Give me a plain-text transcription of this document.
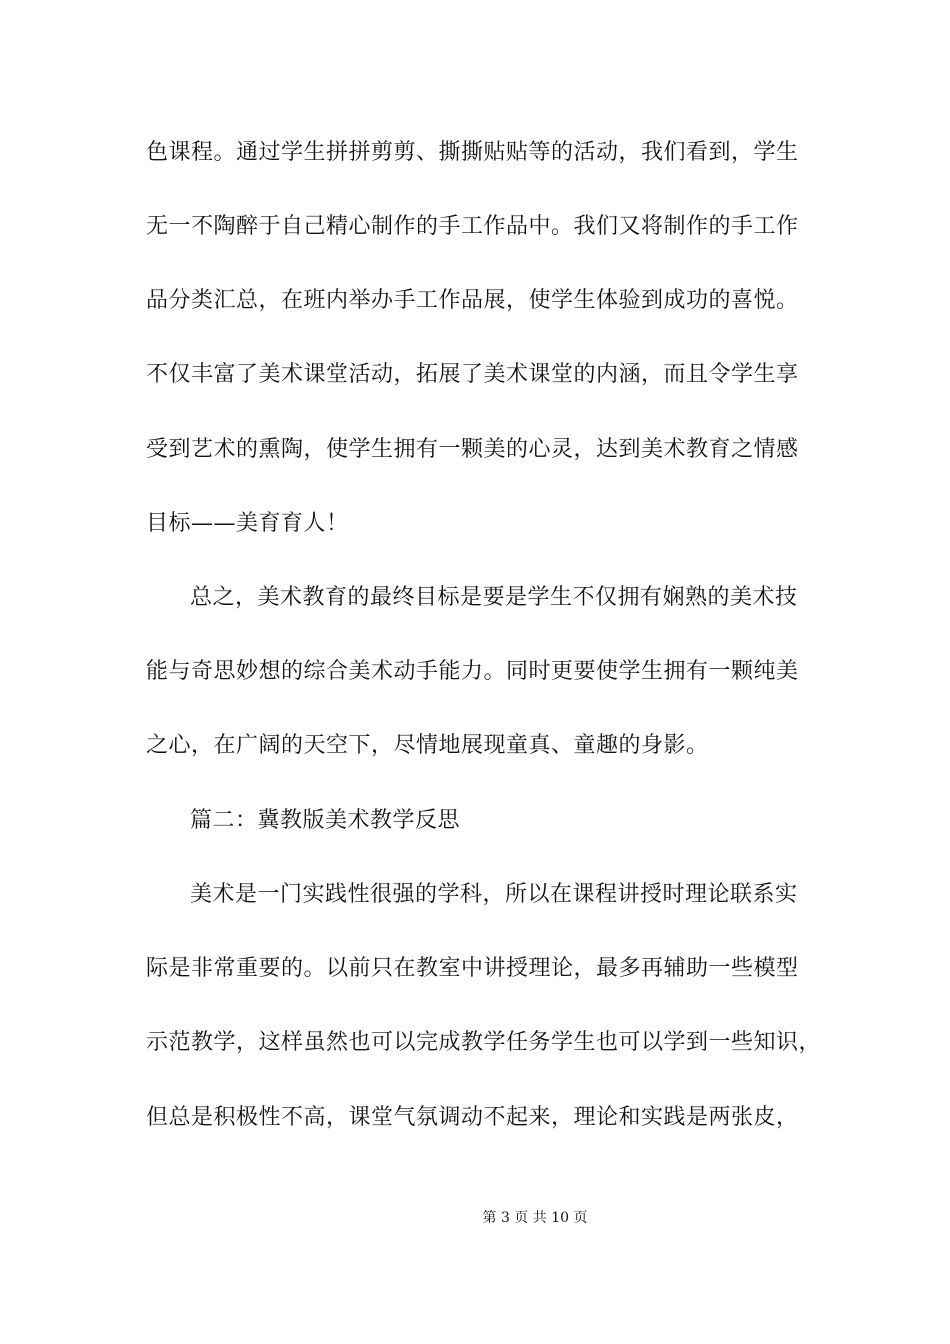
色课程。通过学生拼拼剪剪、撕撕贴贴等的活动，我们看到，学生
无一不陶醉于自己精心制作的手工作品中。我们又将制作的手工作
品分类汇总，在班内举办手工作品展，使学生体验到成功的喜悦。
不仅丰富了美术课堂活动，拓展了美术课堂的内涵，而且令学生享
受到艺术的熏陶，使学生拥有一颗美的心灵，达到美术教育之情感
目标——美育育人！
总之，美术教育的最终目标是要是学生不仅拥有娴熟的美术技
能与奇思妙想的综合美术动手能力。同时更要使学生拥有一颗纯美
之心，在广阔的天空下，尽情地展现童真、童趣的身影。
篇二：冀教版美术教学反思
美术是一门实践性很强的学科，所以在课程讲授时理论联系实
际是非常重要的。以前只在教室中讲授理论，最多再辅助一些模型
示范教学，这样虽然也可以完成教学任务学生也可以学到一些知识，
但总是积极性不高，课堂气氛调动不起来，理论和实践是两张皮，
第 3 页 共 10 页
